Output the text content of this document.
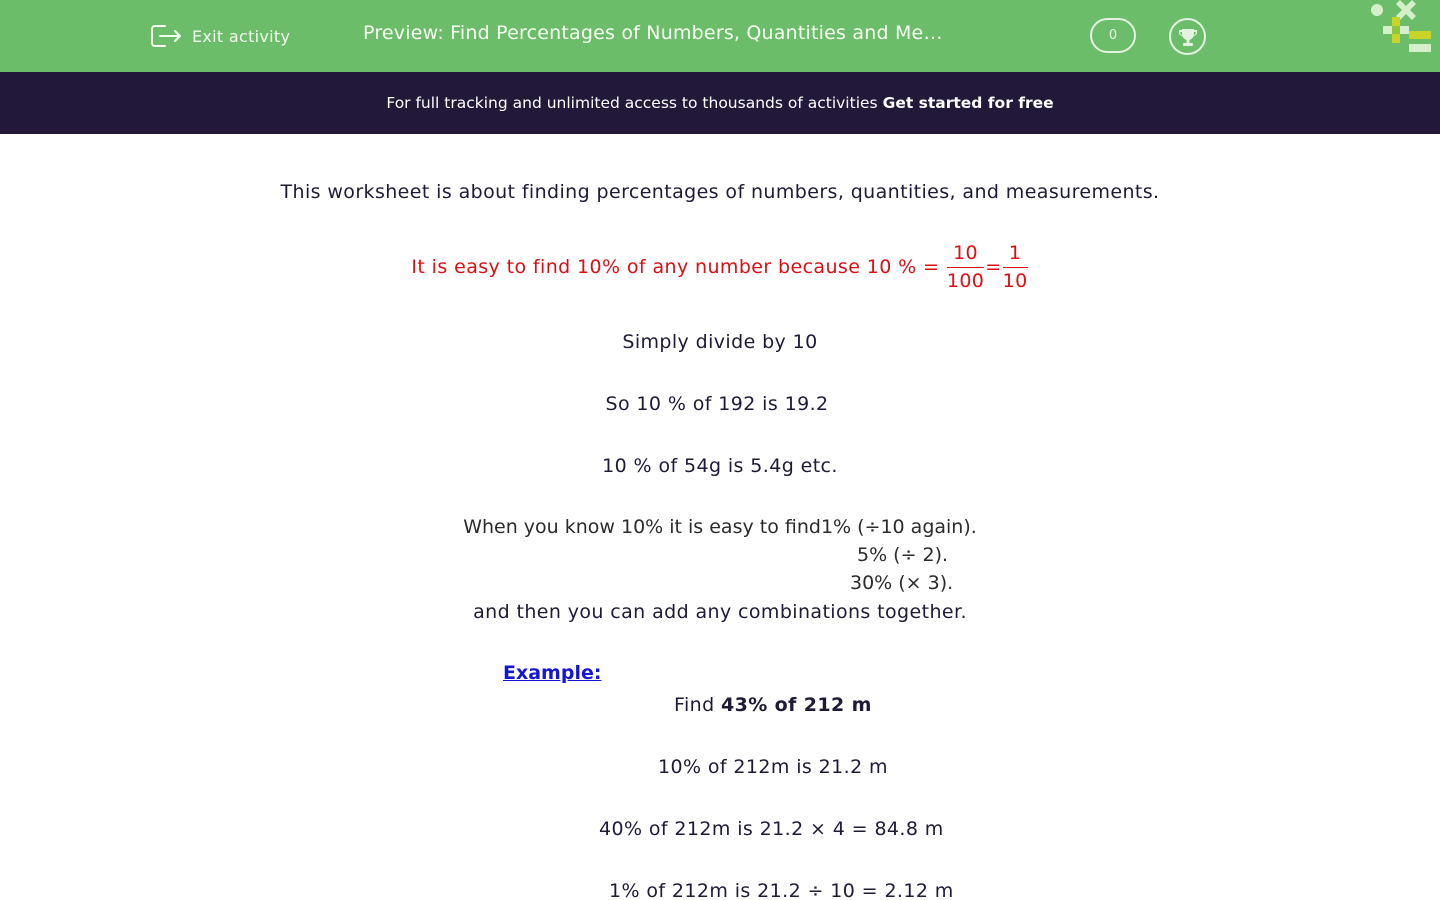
Exit activity	Preview: Find Percentages of Numbers, Quantities and Me…	0
For full tracking and unlimited access to thousands of activities Get started for free
This worksheet is about finding percentages of numbers, quantities, and measurements.
It is easy to find 10% of any number because 10 % = $\frac{10}{100} = \frac{1}{10}$
Simply divide by 10
So 10 % of 192 is 19.2
10 % of 54g is 5.4g etc.
When you know 10% it is easy to find1% (÷10 again).
5% (÷ 2).
30% (× 3).
and then you can add any combinations together.
Example:
Find 43% of 212 m
10% of 212m is 21.2 m
40% of 212m is 21.2 × 4 = 84.8 m
1% of 212m is 21.2 ÷ 10 = 2.12 m
